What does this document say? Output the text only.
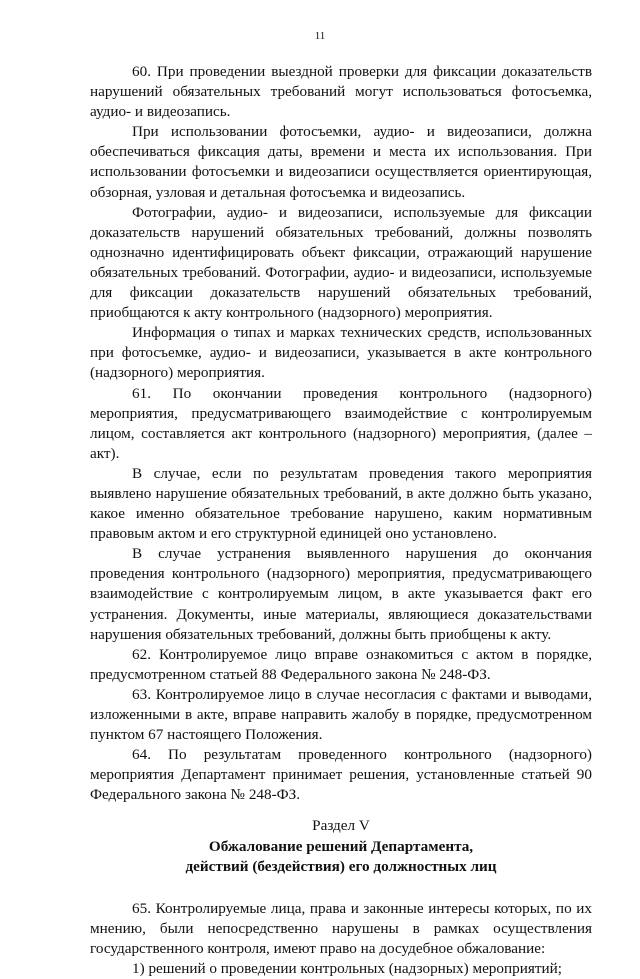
11

60. При проведении выездной проверки для фиксации доказательств нарушений обязательных требований могут использоваться фотосъемка, аудио- и видеозапись.

При использовании фотосъемки, аудио- и видеозаписи, должна обеспечиваться фиксация даты, времени и места их использования. При использовании фотосъемки и видеозаписи осуществляется ориентирующая, обзорная, узловая и детальная фотосъемка и видеозапись.

Фотографии, аудио- и видеозаписи, используемые для фиксации доказательств нарушений обязательных требований, должны позволять однозначно идентифицировать объект фиксации, отражающий нарушение обязательных требований. Фотографии, аудио- и видеозаписи, используемые для фиксации доказательств нарушений обязательных требований, приобщаются к акту контрольного (надзорного) мероприятия.

Информация о типах и марках технических средств, использованных при фотосъемке, аудио- и видеозаписи, указывается в акте контрольного (надзорного) мероприятия.

61. По окончании проведения контрольного (надзорного) мероприятия, предусматривающего взаимодействие с контролируемым лицом, составляется акт контрольного (надзорного) мероприятия, (далее – акт).

В случае, если по результатам проведения такого мероприятия выявлено нарушение обязательных требований, в акте должно быть указано, какое именно обязательное требование нарушено, каким нормативным правовым актом и его структурной единицей оно установлено.

В случае устранения выявленного нарушения до окончания проведения контрольного (надзорного) мероприятия, предусматривающего взаимодействие с контролируемым лицом, в акте указывается факт его устранения. Документы, иные материалы, являющиеся доказательствами нарушения обязательных требований, должны быть приобщены к акту.

62. Контролируемое лицо вправе ознакомиться с актом в порядке, предусмотренном статьей 88 Федерального закона № 248-ФЗ.

63. Контролируемое лицо в случае несогласия с фактами и выводами, изложенными в акте, вправе направить жалобу в порядке, предусмотренном пунктом 67 настоящего Положения.

64. По результатам проведенного контрольного (надзорного) мероприятия Департамент принимает решения, установленные статьей 90 Федерального закона № 248-ФЗ.

Раздел V

Обжалование решений Департамента,

действий (бездействия) его должностных лиц

65. Контролируемые лица, права и законные интересы которых, по их мнению, были непосредственно нарушены в рамках осуществления государственного контроля, имеют право на досудебное обжалование:

1) решений о проведении контрольных (надзорных) мероприятий;
